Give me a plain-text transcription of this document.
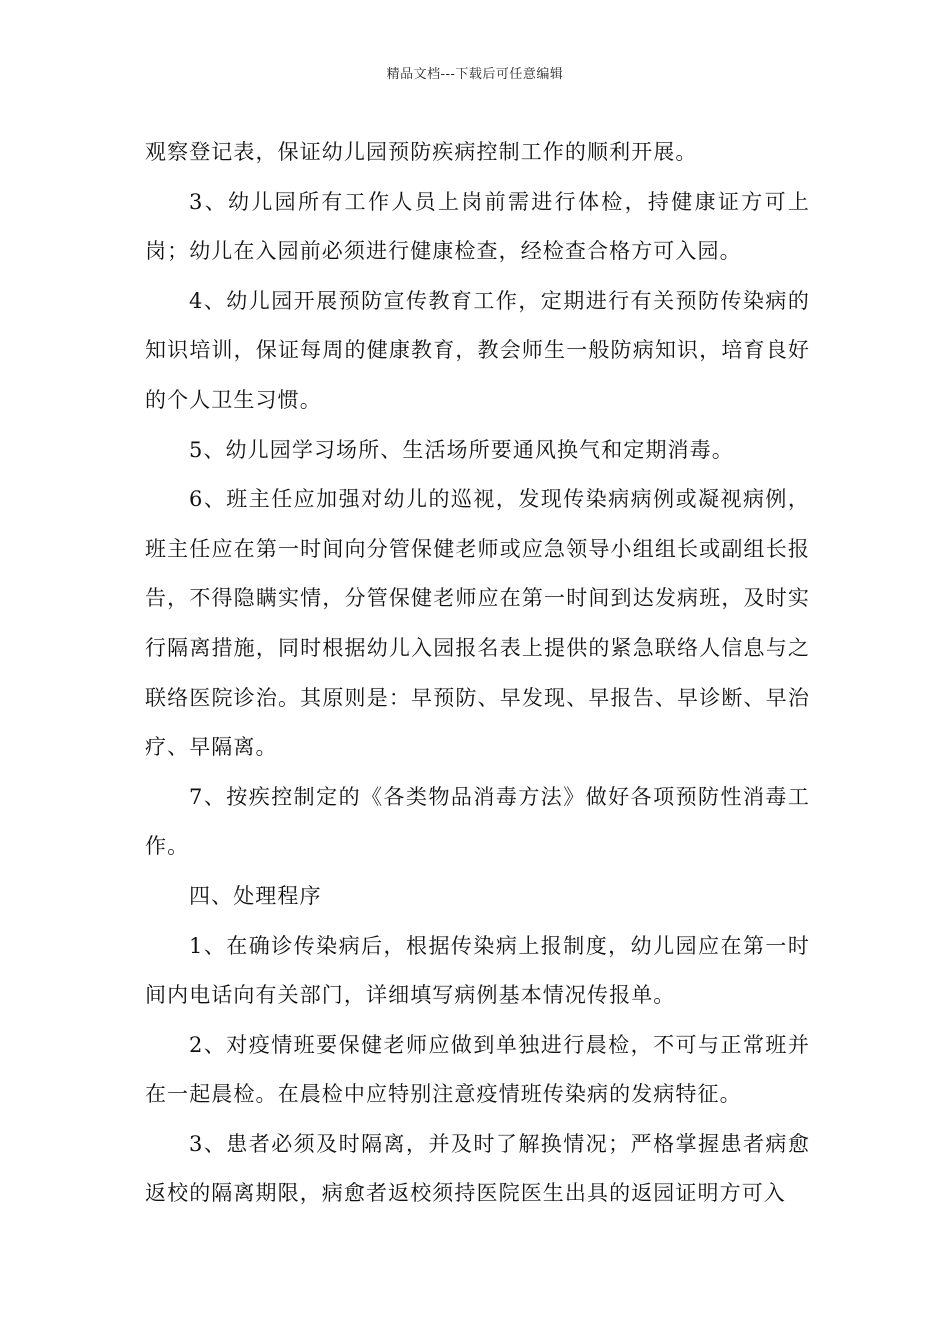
精品文档---下载后可任意编辑

观察登记表，保证幼儿园预防疾病控制工作的顺利开展。

3、幼儿园所有工作人员上岗前需进行体检，持健康证方可上岗；幼儿在入园前必须进行健康检查，经检查合格方可入园。

4、幼儿园开展预防宣传教育工作，定期进行有关预防传染病的知识培训，保证每周的健康教育，教会师生一般防病知识，培育良好的个人卫生习惯。

5、幼儿园学习场所、生活场所要通风换气和定期消毒。

6、班主任应加强对幼儿的巡视，发现传染病病例或凝视病例，班主任应在第一时间向分管保健老师或应急领导小组组长或副组长报告，不得隐瞒实情，分管保健老师应在第一时间到达发病班，及时实行隔离措施，同时根据幼儿入园报名表上提供的紧急联络人信息与之联络医院诊治。其原则是：早预防、早发现、早报告、早诊断、早治疗、早隔离。

7、按疾控制定的《各类物品消毒方法》做好各项预防性消毒工作。

四、处理程序

1、在确诊传染病后，根据传染病上报制度，幼儿园应在第一时间内电话向有关部门，详细填写病例基本情况传报单。

2、对疫情班要保健老师应做到单独进行晨检，不可与正常班并在一起晨检。在晨检中应特别注意疫情班传染病的发病特征。

3、患者必须及时隔离，并及时了解换情况；严格掌握患者病愈返校的隔离期限，病愈者返校须持医院医生出具的返园证明方可入
